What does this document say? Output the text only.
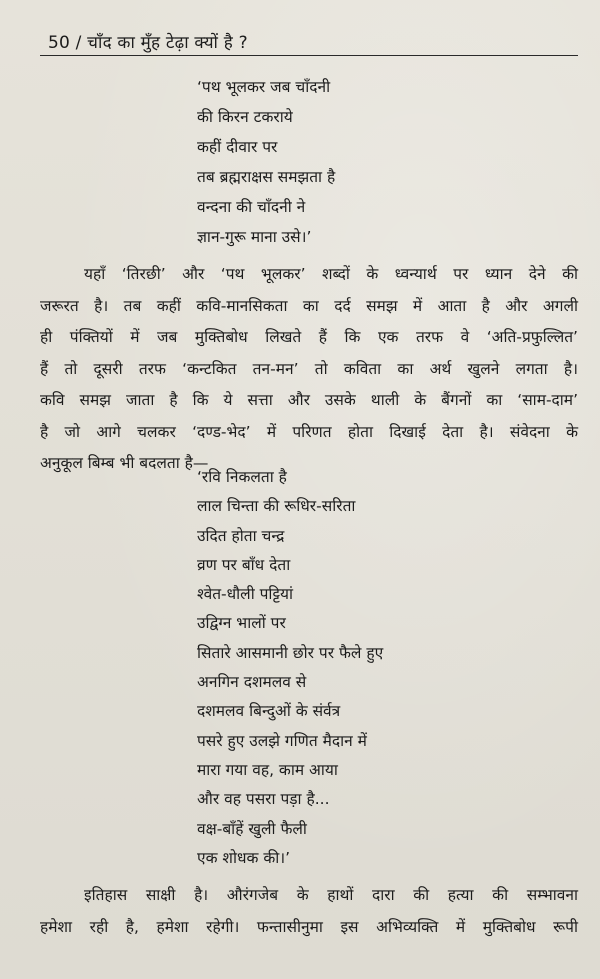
50 / चाँद का मुँह टेढ़ा क्यों है ?
‘पथ भूलकर जब चाँदनी
की किरन टकराये
कहीं दीवार पर
तब ब्रह्मराक्षस समझता है
वन्दना की चाँदनी ने
ज्ञान-गुरू माना उसे।’
यहाँ ‘तिरछी’ और ‘पथ भूलकर’ शब्दों के ध्वन्यार्थ पर ध्यान देने की
जरूरत है। तब कहीं कवि-मानसिकता का दर्द समझ में आता है और अगली
ही पंक्तियों में जब मुक्तिबोध लिखते हैं कि एक तरफ वे ‘अति-प्रफुल्लित’
हैं तो दूसरी तरफ ‘कन्टकित तन-मन’ तो कविता का अर्थ खुलने लगता है।
कवि समझ जाता है कि ये सत्ता और उसके थाली के बैंगनों का ‘साम-दाम’
है जो आगे चलकर ‘दण्ड-भेद’ में परिणत होता दिखाई देता है। संवेदना के
अनुकूल बिम्ब भी बदलता है—
‘रवि निकलता है
लाल चिन्ता की रूधिर-सरिता
उदित होता चन्द्र
व्रण पर बाँध देता
श्वेत-धौली पट्टियां
उद्विग्न भालों पर
सितारे आसमानी छोर पर फैले हुए
अनगिन दशमलव से
दशमलव बिन्दुओं के संर्वत्र
पसरे हुए उलझे गणित मैदान में
मारा गया वह, काम आया
और वह पसरा पड़ा है...
वक्ष-बाँहें खुली फैली
एक शोधक की।’
इतिहास साक्षी है। औरंगजेब के हाथों दारा की हत्या की सम्भावना
हमेशा रही है, हमेशा रहेगी। फन्तासीनुमा इस अभिव्यक्ति में मुक्तिबोध रूपी
